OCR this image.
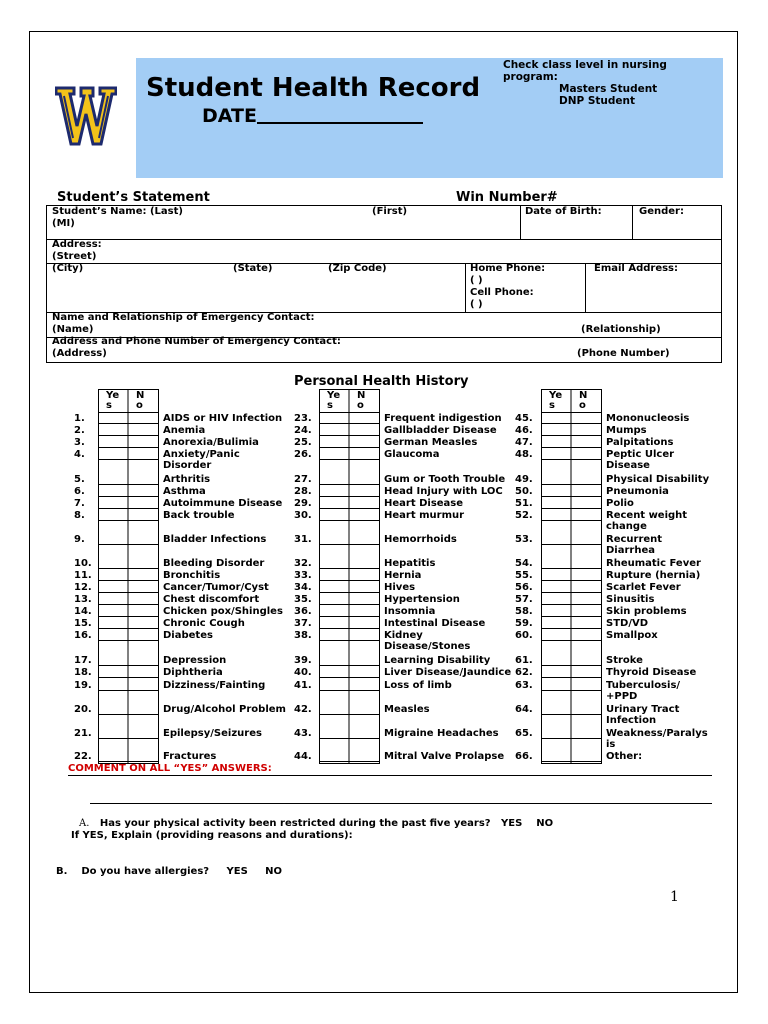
Student Health Record
DATE
Check class level in nursing program:
Masters Student
DNP Student
Student’s Statement	Win Number#
Student’s Name: (Last)
(MI)
(First)	Date of Birth:	Gender:
Address:
(Street)
(City)	(State)	(Zip Code)	Home Phone:
( )
Cell Phone:
( )
Email Address:
Name and Relationship of Emergency Contact:
(Name)	(Relationship)
Address and Phone Number of Emergency Contact:
(Address)	(Phone Number)
Personal Health History
Ye
s
N
o
1.	AIDS or HIV Infection
2.	Anemia
3.	Anorexia/Bulimia
4.	Anxiety/Panic
Disorder
5.	Arthritis
6.	Asthma
7.	Autoimmune Disease
8.	Back trouble
9.	Bladder Infections
10.	Bleeding Disorder
11.	Bronchitis
12.	Cancer/Tumor/Cyst
13.	Chest discomfort
14.	Chicken pox/Shingles
15.	Chronic Cough
16.	Diabetes
17.	Depression
18.	Diphtheria
19.	Dizziness/Fainting
20.	Drug/Alcohol Problem
21.	Epilepsy/Seizures
22.	Fractures
Ye
s
N
o
23.	Frequent indigestion
24.	Gallbladder Disease
25.	German Measles
26.	Glaucoma
27.	Gum or Tooth Trouble
28.	Head Injury with LOC
29.	Heart Disease
30.	Heart murmur
31.	Hemorrhoids
32.	Hepatitis
33.	Hernia
34.	Hives
35.	Hypertension
36.	Insomnia
37.	Intestinal Disease
38.	Kidney
Disease/Stones
39.	Learning Disability
40.	Liver Disease/Jaundice
41.	Loss of limb
42.	Measles
43.	Migraine Headaches
44.	Mitral Valve Prolapse
Ye
s
N
o
45.	Mononucleosis
46.	Mumps
47.	Palpitations
48.	Peptic Ulcer
Disease
49.	Physical Disability
50.	Pneumonia
51.	Polio
52.	Recent weight
change
53.	Recurrent
Diarrhea
54.	Rheumatic Fever
55.	Rupture (hernia)
56.	Scarlet Fever
57.	Sinusitis
58.	Skin problems
59.	STD/VD
60.	Smallpox
61.	Stroke
62.	Thyroid Disease
63.	Tuberculosis/
+PPD
64.	Urinary Tract
Infection
65.	Weakness/Paralys
is
66.	Other:
COMMENT ON ALL “YES” ANSWERS:
A. Has your physical activity been restricted during the past five years?   YES    NO
If YES, Explain (providing reasons and durations):
B. Do you have allergies?     YES     NO
1
